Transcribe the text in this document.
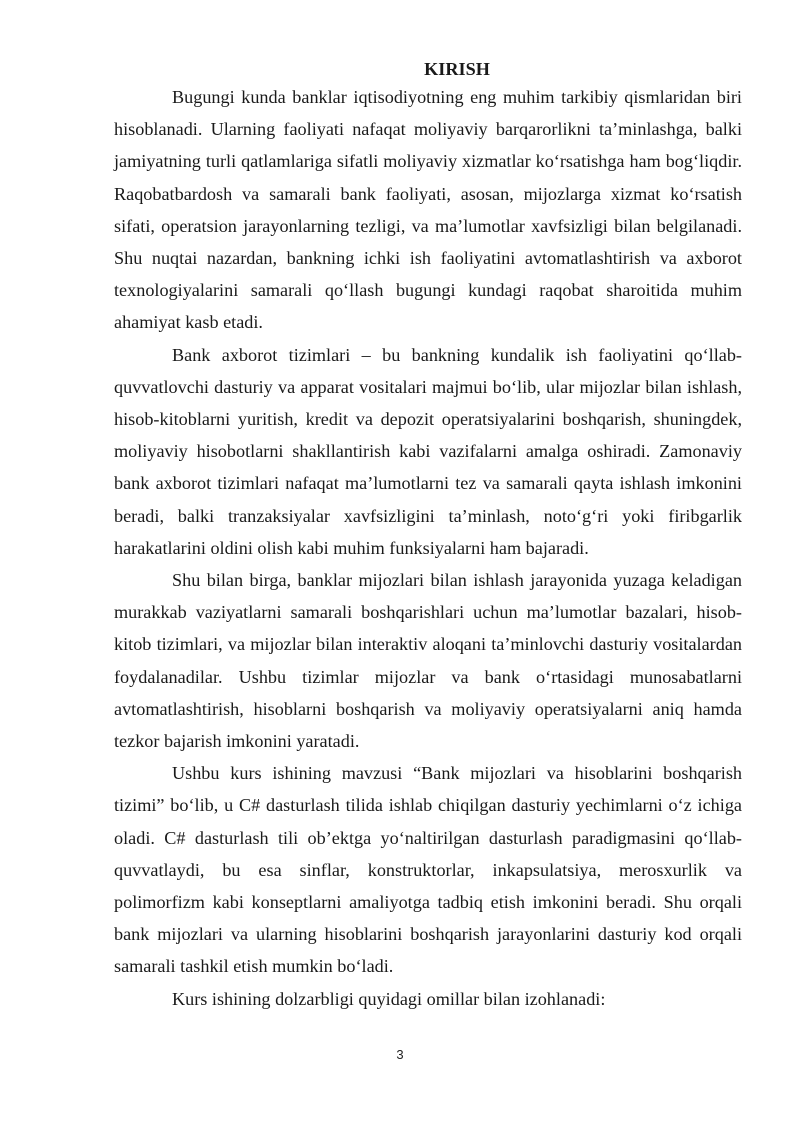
KIRISH

Bugungi kunda banklar iqtisodiyotning eng muhim tarkibiy qismlaridan biri hisoblanadi. Ularning faoliyati nafaqat moliyaviy barqarorlikni ta’minlashga, balki jamiyatning turli qatlamlariga sifatli moliyaviy xizmatlar ko‘rsatishga ham bog‘liqdir. Raqobatbardosh va samarali bank faoliyati, asosan, mijozlarga xizmat ko‘rsatish sifati, operatsion jarayonlarning tezligi, va ma’lumotlar xavfsizligi bilan belgilanadi. Shu nuqtai nazardan, bankning ichki ish faoliyatini avtomatlashtirish va axborot texnologiyalarini samarali qo‘llash bugungi kundagi raqobat sharoitida muhim ahamiyat kasb etadi.

Bank axborot tizimlari – bu bankning kundalik ish faoliyatini qo‘llab-quvvatlovchi dasturiy va apparat vositalari majmui bo‘lib, ular mijozlar bilan ishlash, hisob-kitoblarni yuritish, kredit va depozit operatsiyalarini boshqarish, shuningdek, moliyaviy hisobotlarni shakllantirish kabi vazifalarni amalga oshiradi. Zamonaviy bank axborot tizimlari nafaqat ma’lumotlarni tez va samarali qayta ishlash imkonini beradi, balki tranzaksiyalar xavfsizligini ta’minlash, noto‘g‘ri yoki firibgarlik harakatlarini oldini olish kabi muhim funksiyalarni ham bajaradi.

Shu bilan birga, banklar mijozlari bilan ishlash jarayonida yuzaga keladigan murakkab vaziyatlarni samarali boshqarishlari uchun ma’lumotlar bazalari, hisob-kitob tizimlari, va mijozlar bilan interaktiv aloqani ta’minlovchi dasturiy vositalardan foydalanadilar. Ushbu tizimlar mijozlar va bank o‘rtasidagi munosabatlarni avtomatlashtirish, hisoblarni boshqarish va moliyaviy operatsiyalarni aniq hamda tezkor bajarish imkonini yaratadi.

Ushbu kurs ishining mavzusi “Bank mijozlari va hisoblarini boshqarish tizimi” bo‘lib, u C# dasturlash tilida ishlab chiqilgan dasturiy yechimlarni o‘z ichiga oladi. C# dasturlash tili ob’ektga yo‘naltirilgan dasturlash paradigmasini qo‘llab-quvvatlaydi, bu esa sinflar, konstruktorlar, inkapsulatsiya, merosxurlik va polimorfizm kabi konseptlarni amaliyotga tadbiq etish imkonini beradi. Shu orqali bank mijozlari va ularning hisoblarini boshqarish jarayonlarini dasturiy kod orqali samarali tashkil etish mumkin bo‘ladi.

Kurs ishining dolzarbligi quyidagi omillar bilan izohlanadi:

3
